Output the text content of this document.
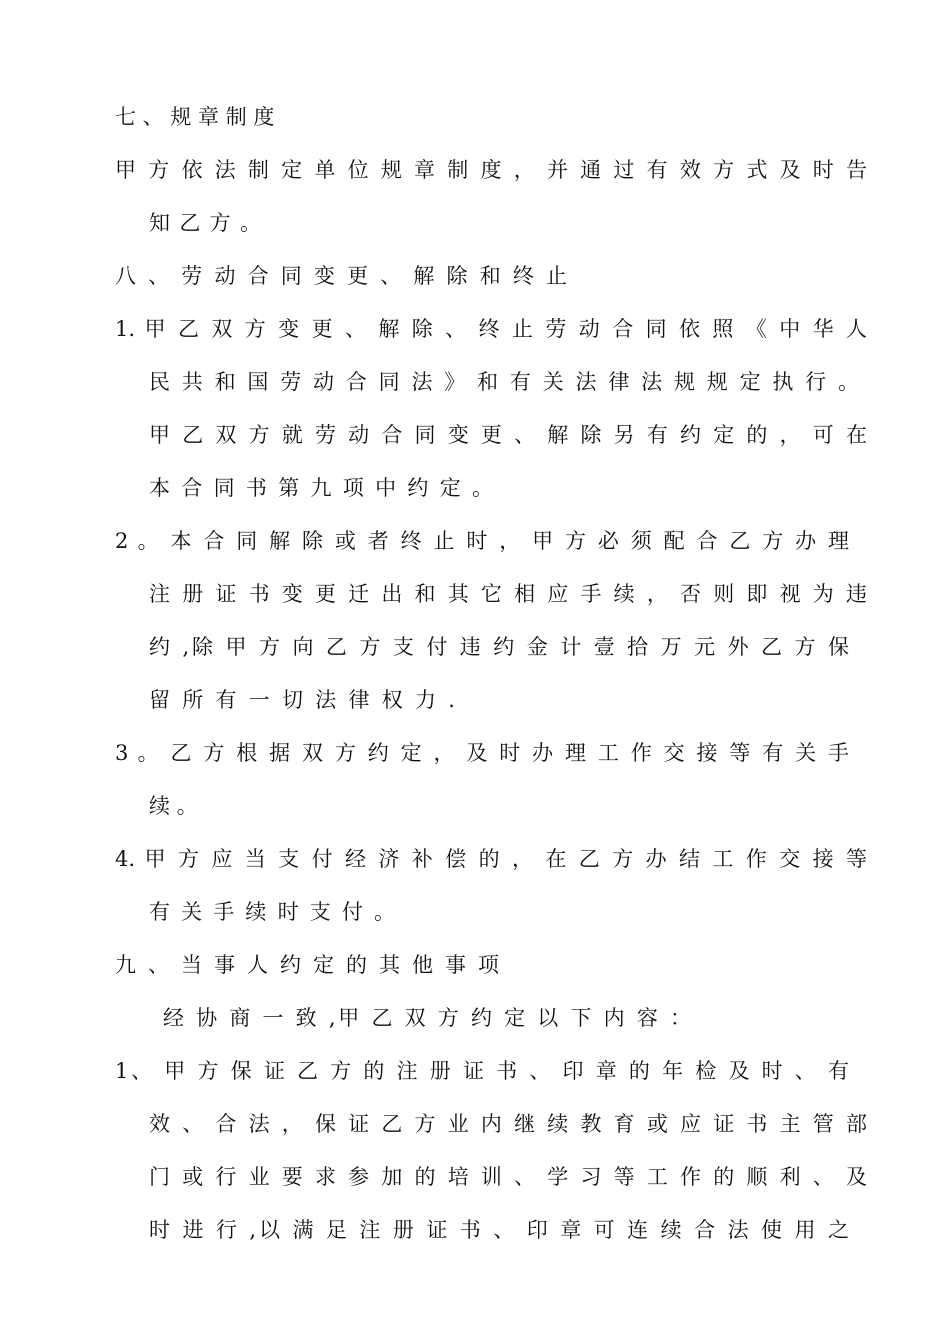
七 、 规 章 制 度
甲 方 依 法 制 定 单 位 规 章 制 度 ， 并 通 过 有 效 方 式 及 时 告
知 乙 方 。
八 、 劳 动 合 同 变 更 、 解 除 和 终 止
1. 甲 乙 双 方 变 更 、 解 除 、 终 止 劳 动 合 同 依 照 《 中 华 人
民 共 和 国 劳 动 合 同 法 》 和 有 关 法 律 法 规 规 定 执 行 。
甲 乙 双 方 就 劳 动 合 同 变 更 、 解 除 另 有 约 定 的 ， 可 在
本 合 同 书 第 九 项 中 约 定 。
2 。 本 合 同 解 除 或 者 终 止 时 ， 甲 方 必 须 配 合 乙 方 办 理
注 册 证 书 变 更 迁 出 和 其 它 相 应 手 续 ， 否 则 即 视 为 违
约 ,除 甲 方 向 乙 方 支 付 违 约 金 计 壹 拾 万 元 外 乙 方 保
留 所 有 一 切 法 律 权 力 .
3 。 乙 方 根 据 双 方 约 定 ， 及 时 办 理 工 作 交 接 等 有 关 手
续 。
4. 甲 方 应 当 支 付 经 济 补 偿 的 ， 在 乙 方 办 结 工 作 交 接 等
有 关 手 续 时 支 付 。
九 、 当 事 人 约 定 的 其 他 事 项
经 协 商 一 致 ,甲 乙 双 方 约 定 以 下 内 容 ：
1、 甲 方 保 证 乙 方 的 注 册 证 书 、 印 章 的 年 检 及 时 、 有
效 、 合 法 ， 保 证 乙 方 业 内 继 续 教 育 或 应 证 书 主 管 部
门 或 行 业 要 求 参 加 的 培 训 、 学 习 等 工 作 的 顺 利 、 及
时 进 行 ,以 满 足 注 册 证 书 、 印 章 可 连 续 合 法 使 用 之
